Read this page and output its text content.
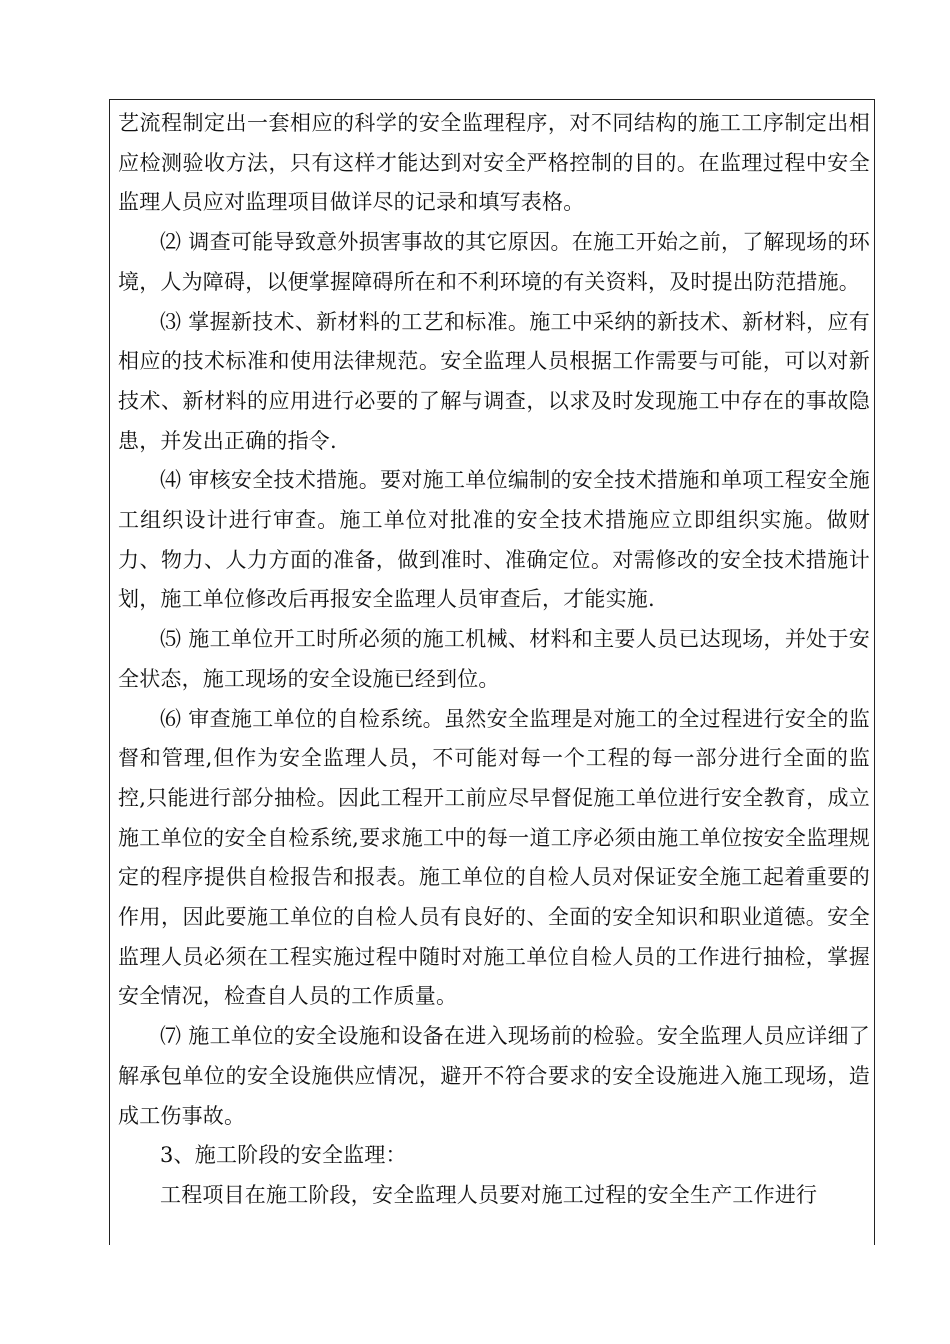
艺流程制定出一套相应的科学的安全监理程序，对不同结构的施工工序制定出相应检测验收方法，只有这样才能达到对安全严格控制的目的。在监理过程中安全监理人员应对监理项目做详尽的记录和填写表格。

⑵ 调查可能导致意外损害事故的其它原因。在施工开始之前，了解现场的环境，人为障碍，以便掌握障碍所在和不利环境的有关资料，及时提出防范措施。

⑶ 掌握新技术、新材料的工艺和标准。施工中采纳的新技术、新材料，应有相应的技术标准和使用法律规范。安全监理人员根据工作需要与可能，可以对新技术、新材料的应用进行必要的了解与调查，以求及时发现施工中存在的事故隐患，并发出正确的指令.

⑷ 审核安全技术措施。要对施工单位编制的安全技术措施和单项工程安全施工组织设计进行审查。施工单位对批准的安全技术措施应立即组织实施。做财力、物力、人力方面的准备，做到准时、准确定位。对需修改的安全技术措施计划，施工单位修改后再报安全监理人员审查后，才能实施.

⑸ 施工单位开工时所必须的施工机械、材料和主要人员已达现场，并处于安全状态，施工现场的安全设施已经到位。

⑹ 审查施工单位的自检系统。虽然安全监理是对施工的全过程进行安全的监督和管理,但作为安全监理人员，不可能对每一个工程的每一部分进行全面的监控,只能进行部分抽检。因此工程开工前应尽早督促施工单位进行安全教育，成立施工单位的安全自检系统,要求施工中的每一道工序必须由施工单位按安全监理规定的程序提供自检报告和报表。施工单位的自检人员对保证安全施工起着重要的作用，因此要施工单位的自检人员有良好的、全面的安全知识和职业道德。安全监理人员必须在工程实施过程中随时对施工单位自检人员的工作进行抽检，掌握安全情况，检查自人员的工作质量。

⑺ 施工单位的安全设施和设备在进入现场前的检验。安全监理人员应详细了解承包单位的安全设施供应情况，避开不符合要求的安全设施进入施工现场，造成工伤事故。

3、施工阶段的安全监理：

工程项目在施工阶段，安全监理人员要对施工过程的安全生产工作进行
